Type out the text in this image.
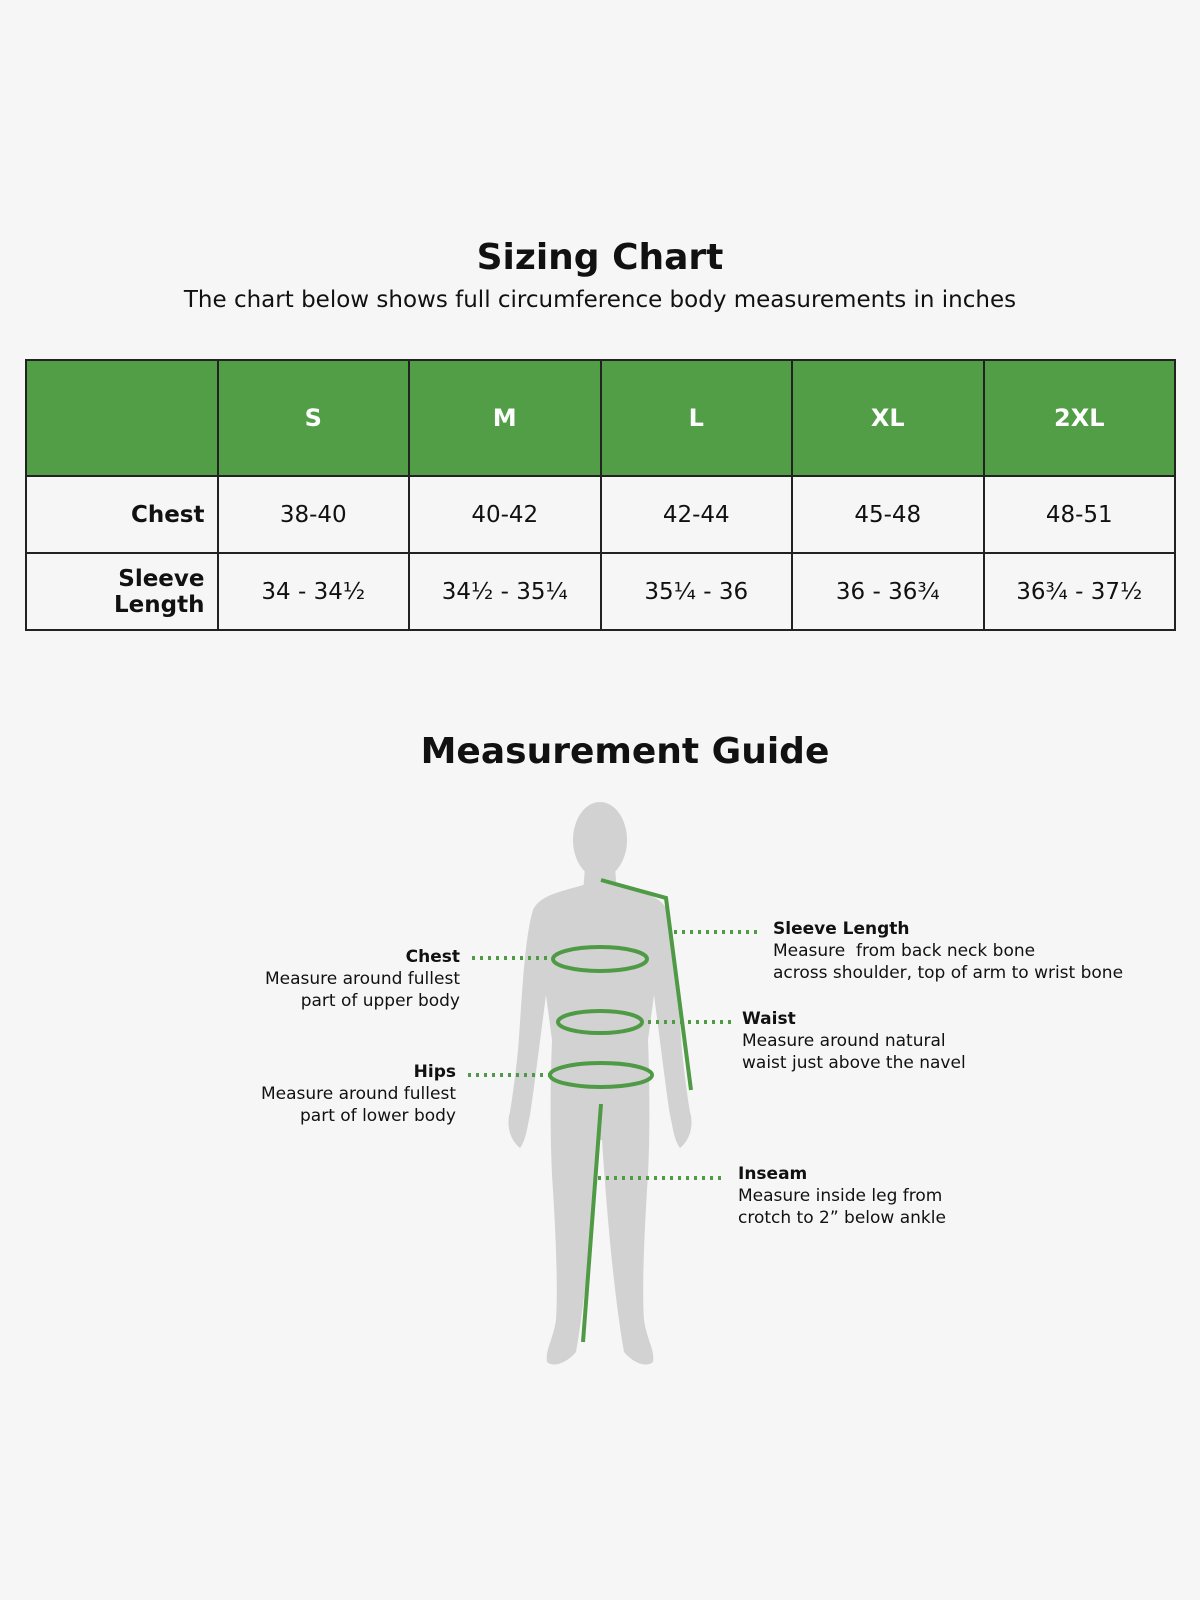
Sizing Chart
The chart below shows full circumference body measurements in inches
	S	M	L	XL	2XL
Chest	38-40	40-42	42-44	45-48	48-51
Sleeve Length	34 - 34½	34½ - 35¼	35¼ - 36	36 - 36¾	36¾ - 37½
Measurement Guide
Chest
Measure around fullest
part of upper body
Hips
Measure around fullest
part of lower body
Sleeve Length
Measure  from back neck bone
across shoulder, top of arm to wrist bone
Waist
Measure around natural
waist just above the navel
Inseam
Measure inside leg from
crotch to 2” below ankle
